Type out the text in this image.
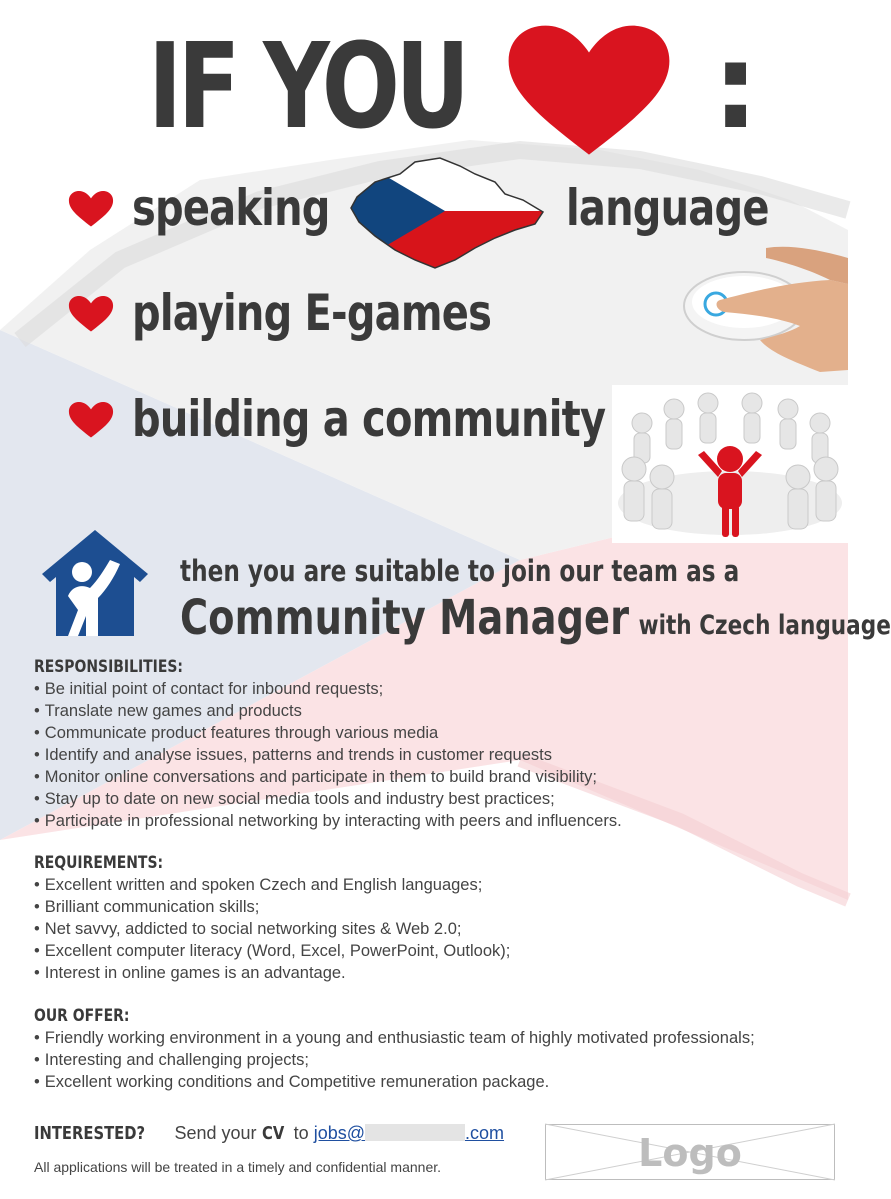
IF YOU :
speaking	language
playing E-games
building a community
then you are suitable to join our team as a
Community Manager with Czech language
RESPONSIBILITIES:
• Be initial point of contact for inbound requests;
• Translate new games and products
• Communicate product features through various media
• Identify and analyse issues, patterns and trends in customer requests
• Monitor online conversations and participate in them to build brand visibility;
• Stay up to date on new social media tools and industry best practices;
• Participate in professional networking by interacting with peers and influencers.
REQUIREMENTS:
• Excellent written and spoken Czech and English languages;
• Brilliant communication skills;
• Net savvy, addicted to social networking sites & Web 2.0;
• Excellent computer literacy (Word, Excel, PowerPoint, Outlook);
• Interest in online games is an advantage.
OUR OFFER:
• Friendly working environment in a young and enthusiastic team of highly motivated professionals;
• Interesting and challenging projects;
• Excellent working conditions and Competitive remuneration package.
INTERESTED? Send your CV to jobs@	.com
All applications will be treated in a timely and confidential manner.	Logo
